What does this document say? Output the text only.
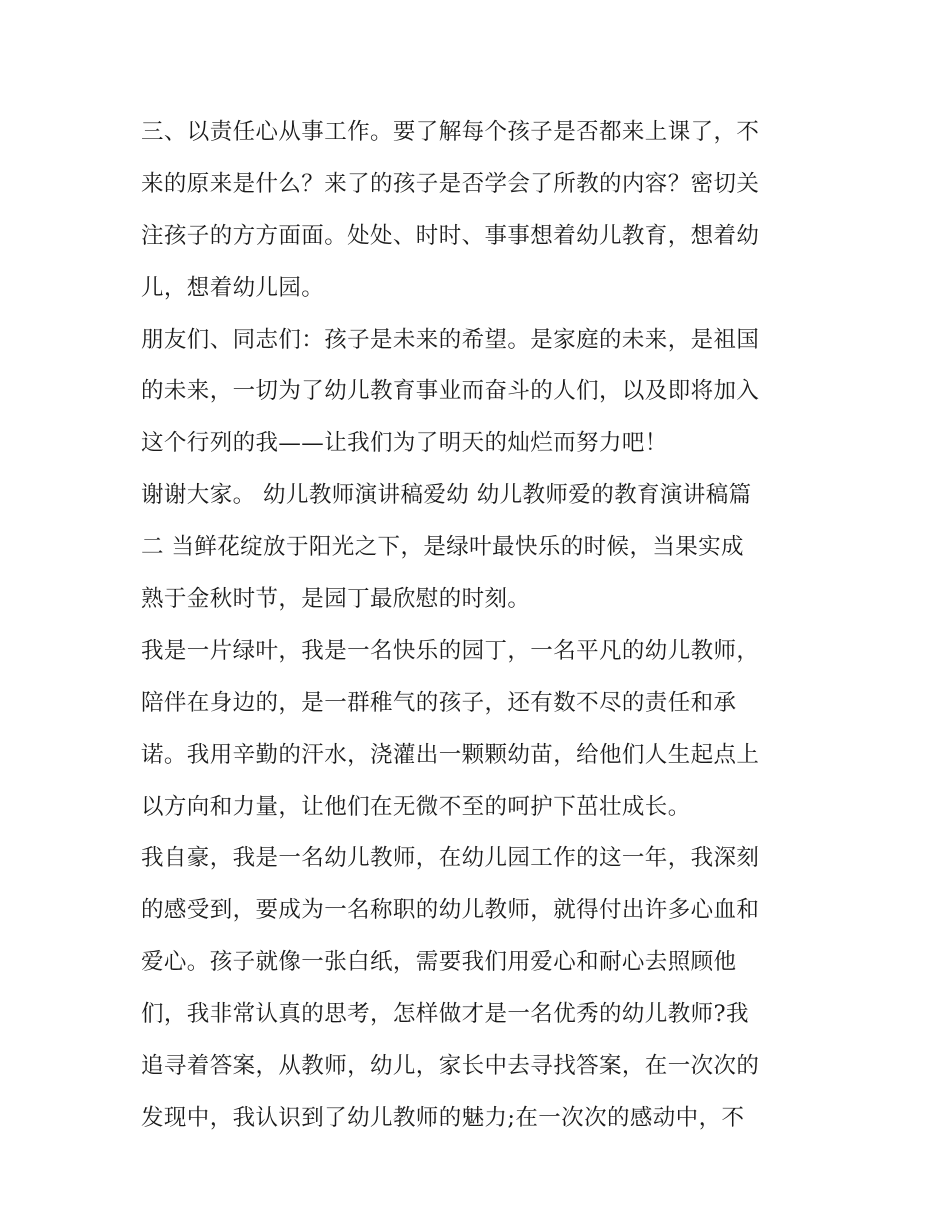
三、以责任心从事工作。要了解每个孩子是否都来上课了，不
来的原来是什么？来了的孩子是否学会了所教的内容？密切关
注孩子的方方面面。处处、时时、事事想着幼儿教育，想着幼
儿，想着幼儿园。
朋友们、同志们：孩子是未来的希望。是家庭的未来，是祖国
的未来，一切为了幼儿教育事业而奋斗的人们，以及即将加入
这个行列的我——让我们为了明天的灿烂而努力吧！
谢谢大家。 幼儿教师演讲稿爱幼 幼儿教师爱的教育演讲稿篇
二 当鲜花绽放于阳光之下，是绿叶最快乐的时候，当果实成
熟于金秋时节，是园丁最欣慰的时刻。
我是一片绿叶，我是一名快乐的园丁，一名平凡的幼儿教师，
陪伴在身边的，是一群稚气的孩子，还有数不尽的责任和承
诺。我用辛勤的汗水，浇灌出一颗颗幼苗，给他们人生起点上
以方向和力量，让他们在无微不至的呵护下茁壮成长。
我自豪，我是一名幼儿教师，在幼儿园工作的这一年，我深刻
的感受到，要成为一名称职的幼儿教师，就得付出许多心血和
爱心。孩子就像一张白纸，需要我们用爱心和耐心去照顾他
们，我非常认真的思考，怎样做才是一名优秀的幼儿教师?我
追寻着答案，从教师，幼儿，家长中去寻找答案，在一次次的
发现中，我认识到了幼儿教师的魅力;在一次次的感动中，不
